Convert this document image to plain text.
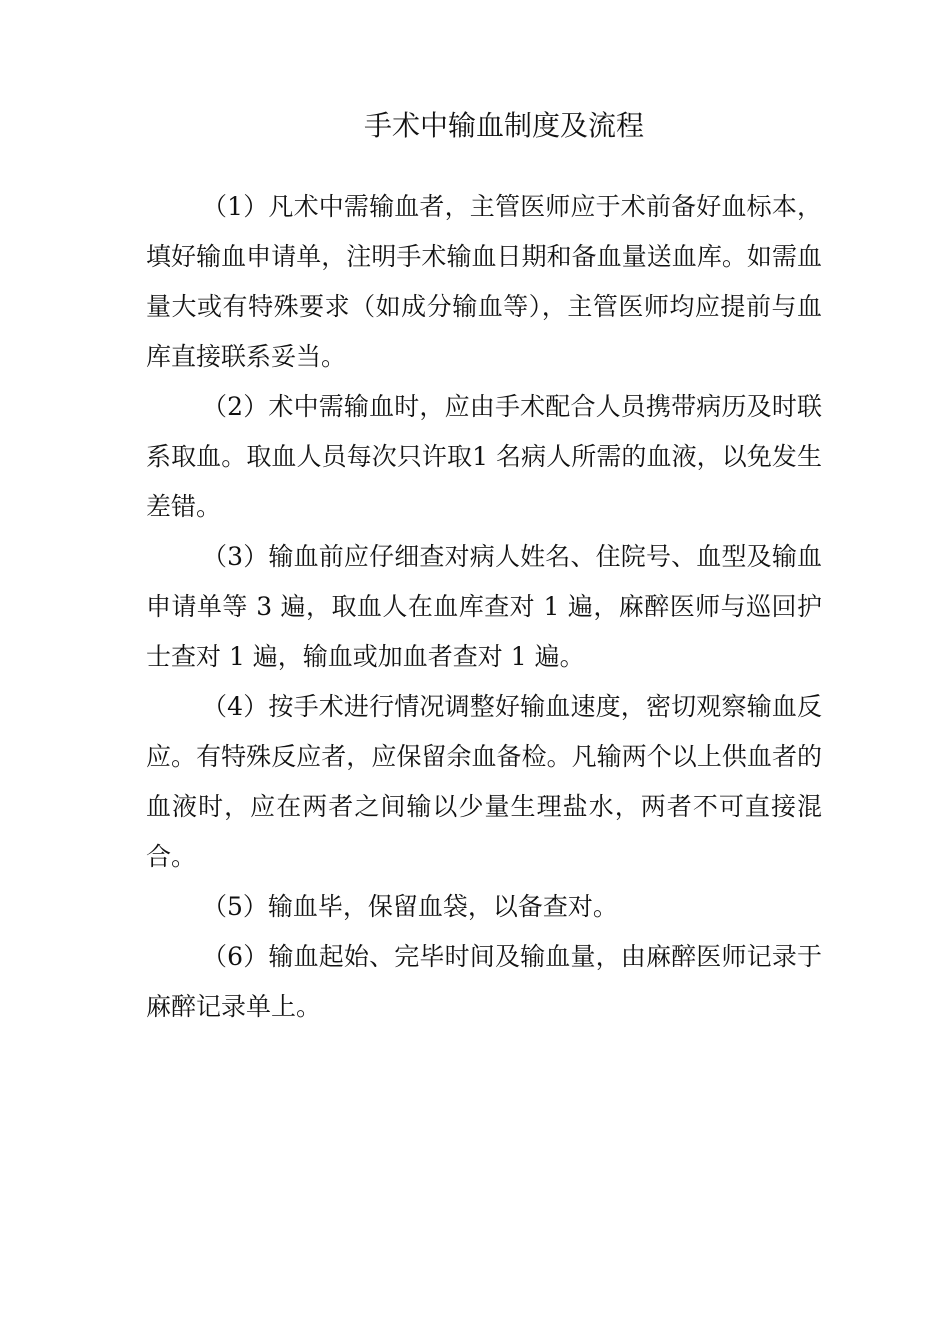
手术中输血制度及流程

（1）凡术中需输血者，主管医师应于术前备好血标本，填好输血申请单，注明手术输血日期和备血量送血库。如需血量大或有特殊要求（如成分输血等），主管医师均应提前与血库直接联系妥当。

（2）术中需输血时，应由手术配合人员携带病历及时联系取血。取血人员每次只许取1 名病人所需的血液，以免发生差错。

（3）输血前应仔细查对病人姓名、住院号、血型及输血申请单等 3 遍，取血人在血库查对 1 遍，麻醉医师与巡回护士查对 1 遍，输血或加血者查对 1 遍。

（4）按手术进行情况调整好输血速度，密切观察输血反应。有特殊反应者，应保留余血备检。凡输两个以上供血者的血液时，应在两者之间输以少量生理盐水，两者不可直接混合。

（5）输血毕，保留血袋，以备查对。

（6）输血起始、完毕时间及输血量，由麻醉医师记录于麻醉记录单上。
